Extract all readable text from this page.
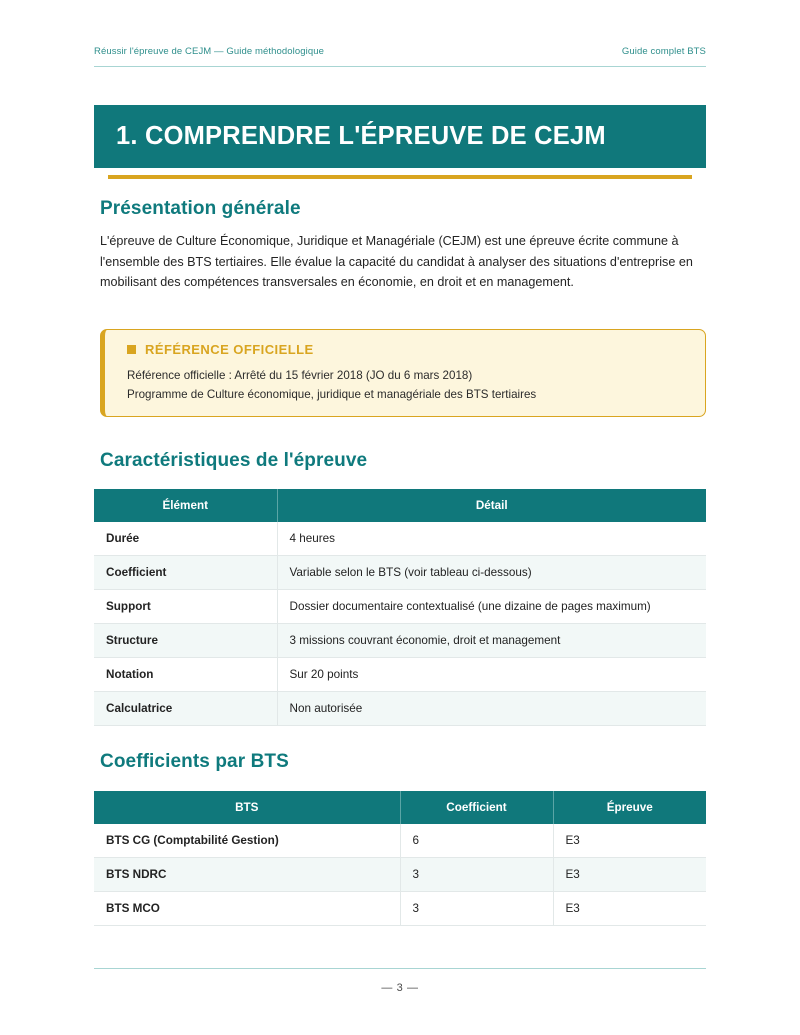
Réussir l'épreuve de CEJM — Guide méthodologique	Guide complet BTS
1. COMPRENDRE L'ÉPREUVE DE CEJM
Présentation générale

L'épreuve de Culture Économique, Juridique et Managériale (CEJM) est une épreuve écrite commune à l'ensemble des BTS tertiaires. Elle évalue la capacité du candidat à analyser des situations d'entreprise en mobilisant des compétences transversales en économie, en droit et en management.

RÉFÉRENCE OFFICIELLE
Référence officielle : Arrêté du 15 février 2018 (JO du 6 mars 2018)
Programme de Culture économique, juridique et managériale des BTS tertiaires
Caractéristiques de l'épreuve
Élément	Détail
Durée	4 heures
Coefficient	Variable selon le BTS (voir tableau ci-dessous)
Support	Dossier documentaire contextualisé (une dizaine de pages maximum)
Structure	3 missions couvrant économie, droit et management
Notation	Sur 20 points
Calculatrice	Non autorisée
Coefficients par BTS
BTS	Coefficient	Épreuve
BTS CG (Comptabilité Gestion)	6	E3
BTS NDRC	3	E3
BTS MCO	3	E3
— 3 —
